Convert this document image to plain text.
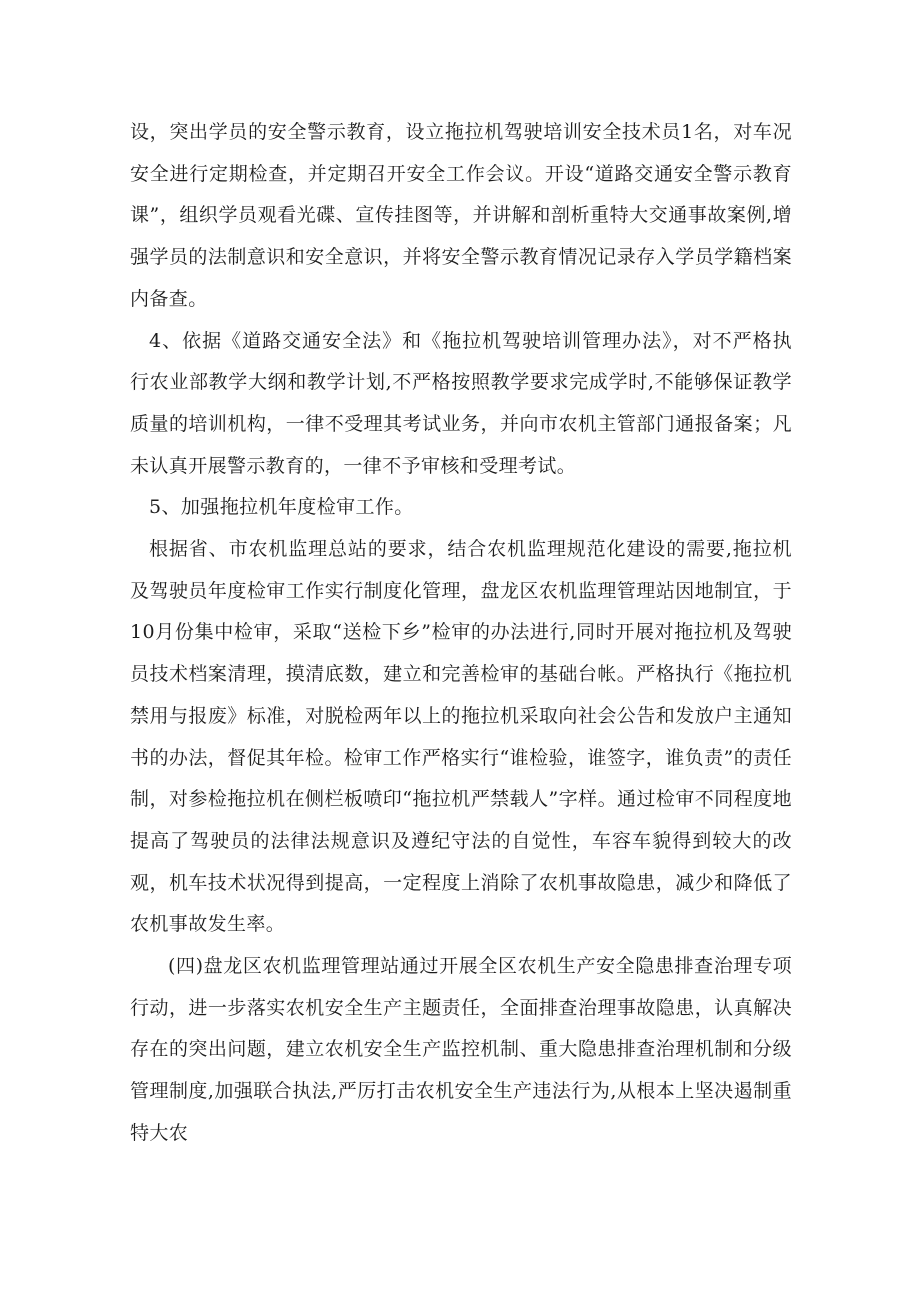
设，突出学员的安全警示教育，设立拖拉机驾驶培训安全技术员1名，对车况安全进行定期检查，并定期召开安全工作会议。开设“道路交通安全警示教育课”，组织学员观看光碟、宣传挂图等，并讲解和剖析重特大交通事故案例,增强学员的法制意识和安全意识，并将安全警示教育情况记录存入学员学籍档案内备查。

4、依据《道路交通安全法》和《拖拉机驾驶培训管理办法》，对不严格执行农业部教学大纲和教学计划,不严格按照教学要求完成学时,不能够保证教学质量的培训机构，一律不受理其考试业务，并向市农机主管部门通报备案；凡未认真开展警示教育的，一律不予审核和受理考试。

5、加强拖拉机年度检审工作。

根据省、市农机监理总站的要求，结合农机监理规范化建设的需要,拖拉机及驾驶员年度检审工作实行制度化管理，盘龙区农机监理管理站因地制宜，于10月份集中检审，采取“送检下乡”检审的办法进行,同时开展对拖拉机及驾驶员技术档案清理，摸清底数，建立和完善检审的基础台帐。严格执行《拖拉机禁用与报废》标准，对脱检两年以上的拖拉机采取向社会公告和发放户主通知书的办法，督促其年检。检审工作严格实行“谁检验，谁签字，谁负责”的责任制，对参检拖拉机在侧栏板喷印“拖拉机严禁载人”字样。通过检审不同程度地提高了驾驶员的法律法规意识及遵纪守法的自觉性，车容车貌得到较大的改观，机车技术状况得到提高，一定程度上消除了农机事故隐患，减少和降低了农机事故发生率。

(四)盘龙区农机监理管理站通过开展全区农机生产安全隐患排查治理专项行动，进一步落实农机安全生产主题责任，全面排查治理事故隐患，认真解决存在的突出问题，建立农机安全生产监控机制、重大隐患排查治理机制和分级管理制度,加强联合执法,严厉打击农机安全生产违法行为,从根本上坚决遏制重特大农
